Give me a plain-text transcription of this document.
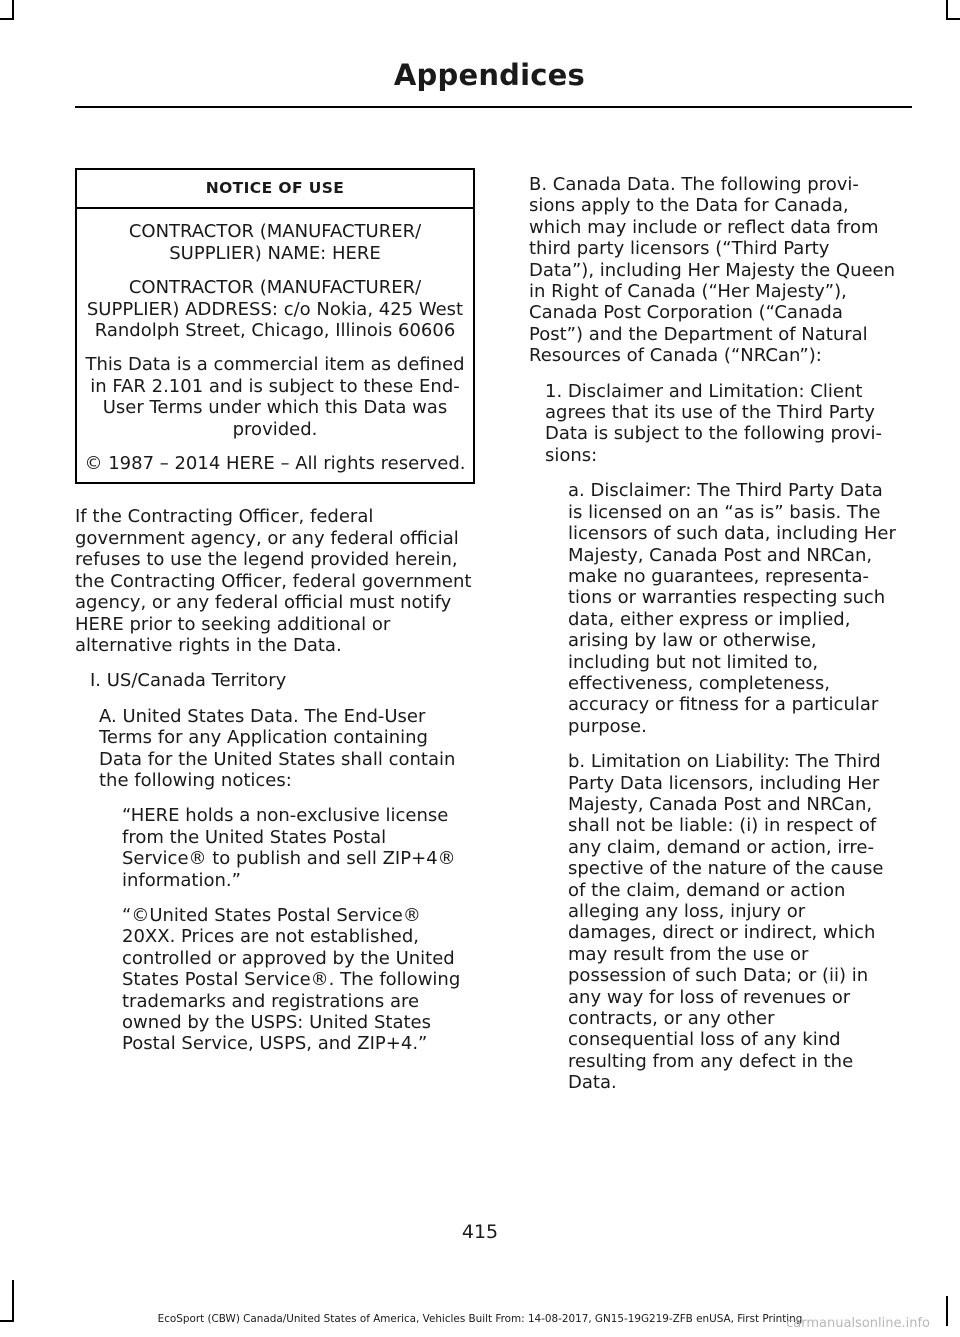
Appendices
NOTICE OF USE

CONTRACTOR (MANUFACTURER/ SUPPLIER) NAME: HERE

CONTRACTOR (MANUFACTURER/ SUPPLIER) ADDRESS: c/o Nokia, 425 West Randolph Street, Chicago, Illinois 60606

This Data is a commercial item as defined in FAR 2.101 and is subject to these End-User Terms under which this Data was provided.

© 1987 – 2014 HERE – All rights reserved.

If the Contracting Officer, federal government agency, or any federal official refuses to use the legend provided herein, the Contracting Officer, federal government agency, or any federal official must notify HERE prior to seeking additional or alternative rights in the Data.

I. US/Canada Territory

A. United States Data. The End-User Terms for any Application containing Data for the United States shall contain the following notices:

“HERE holds a non-exclusive license from the United States Postal Service® to publish and sell ZIP+4® information.”

“©United States Postal Service® 20XX. Prices are not established, controlled or approved by the United States Postal Service®. The following trademarks and registrations are owned by the USPS: United States Postal Service, USPS, and ZIP+4.”

B. Canada Data. The following provi-sions apply to the Data for Canada, which may include or reflect data from third party licensors (“Third Party Data”), including Her Majesty the Queen in Right of Canada (“Her Majesty”), Canada Post Corporation (“Canada Post”) and the Department of Natural Resources of Canada (“NRCan”):

1. Disclaimer and Limitation: Client agrees that its use of the Third Party Data is subject to the following provi-sions:

a. Disclaimer: The Third Party Data is licensed on an “as is” basis. The licensors of such data, including Her Majesty, Canada Post and NRCan, make no guarantees, representa-tions or warranties respecting such data, either express or implied, arising by law or otherwise, including but not limited to, effectiveness, completeness, accuracy or fitness for a particular purpose.

b. Limitation on Liability: The Third Party Data licensors, including Her Majesty, Canada Post and NRCan, shall not be liable: (i) in respect of any claim, demand or action, irre-spective of the nature of the cause of the claim, demand or action alleging any loss, injury or damages, direct or indirect, which may result from the use or possession of such Data; or (ii) in any way for loss of revenues or contracts, or any other consequential loss of any kind resulting from any defect in the Data.

415
EcoSport (CBW) Canada/United States of America, Vehicles Built From: 14-08-2017, GN15-19G219-ZFB enUSA, First Printing
carmanualsonline.info
